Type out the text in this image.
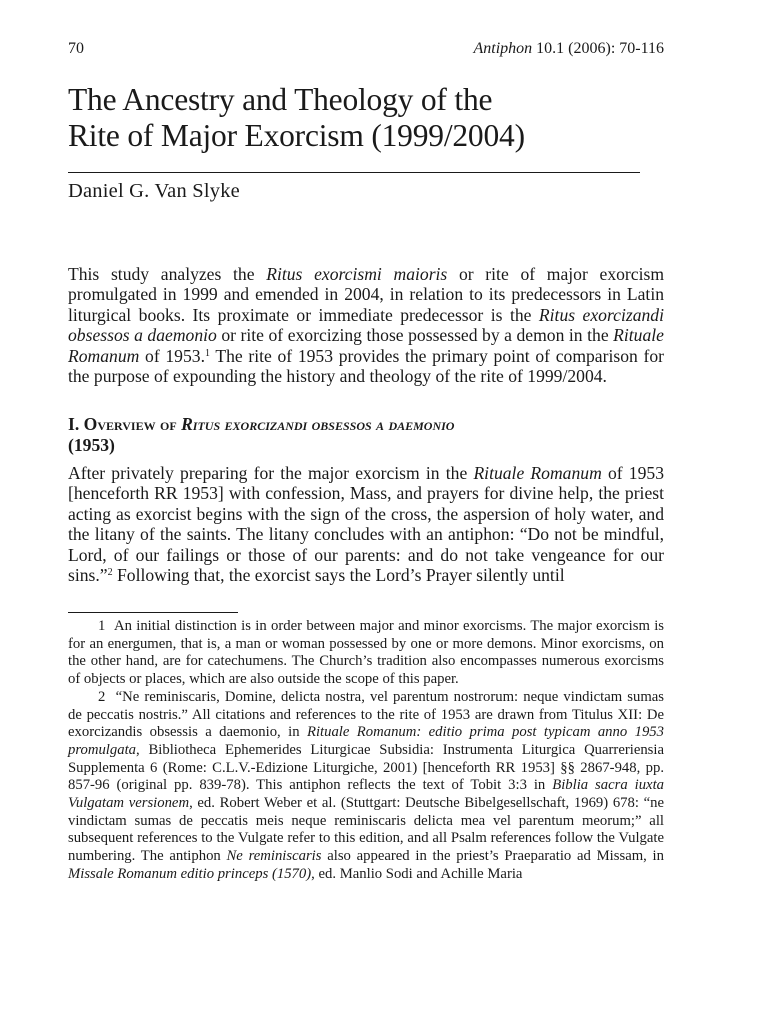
70	Antiphon 10.1 (2006): 70-116
The Ancestry and Theology of the
Rite of Major Exorcism (1999/2004)
Daniel G. Van Slyke

This study analyzes the Ritus exorcismi maioris or rite of major exorcism promulgated in 1999 and emended in 2004, in relation to its predecessors in Latin liturgical books. Its proximate or immediate predecessor is the Ritus exorcizandi obsessos a daemonio or rite of exorcizing those possessed by a demon in the Rituale Romanum of 1953.$^1$ The rite of 1953 provides the primary point of comparison for the purpose of expounding the history and theology of the rite of 1999/2004.

I. Overview of Ritus exorcizandi obsessos a daemonio
(1953)

After privately preparing for the major exorcism in the Rituale Romanum of 1953 [henceforth RR 1953] with confession, Mass, and prayers for divine help, the priest acting as exorcist begins with the sign of the cross, the aspersion of holy water, and the litany of the saints. The litany concludes with an antiphon: “Do not be mindful, Lord, of our failings or those of our parents: and do not take vengeance for our sins.”$^2$ Following that, the exorcist says the Lord’s Prayer silently until

1 An initial distinction is in order between major and minor exorcisms. The major exorcism is for an energumen, that is, a man or woman possessed by one or more demons. Minor exorcisms, on the other hand, are for catechumens. The Church’s tradition also encompasses numerous exorcisms of objects or places, which are also outside the scope of this paper.

2 “Ne reminiscaris, Domine, delicta nostra, vel parentum nostrorum: neque vindictam sumas de peccatis nostris.” All citations and references to the rite of 1953 are drawn from Titulus XII: De exorcizandis obsessis a daemonio, in Rituale Romanum: editio prima post typicam anno 1953 promulgata, Bibliotheca Ephemerides Liturgicae Subsidia: Instrumenta Liturgica Quarreriensia Supplementa 6 (Rome: C.L.V.-Edizione Liturgiche, 2001) [henceforth RR 1953] §§ 2867-948, pp. 857-96 (original pp. 839-78). This antiphon reflects the text of Tobit 3:3 in Biblia sacra iuxta Vulgatam versionem, ed. Robert Weber et al. (Stuttgart: Deutsche Bibelgesellschaft, 1969) 678: “ne vindictam sumas de peccatis meis neque reminiscaris delicta mea vel parentum meorum;” all subsequent references to the Vulgate refer to this edition, and all Psalm references follow the Vulgate numbering. The antiphon Ne reminiscaris also appeared in the priest’s Praeparatio ad Missam, in Missale Romanum editio princeps (1570), ed. Manlio Sodi and Achille Maria
